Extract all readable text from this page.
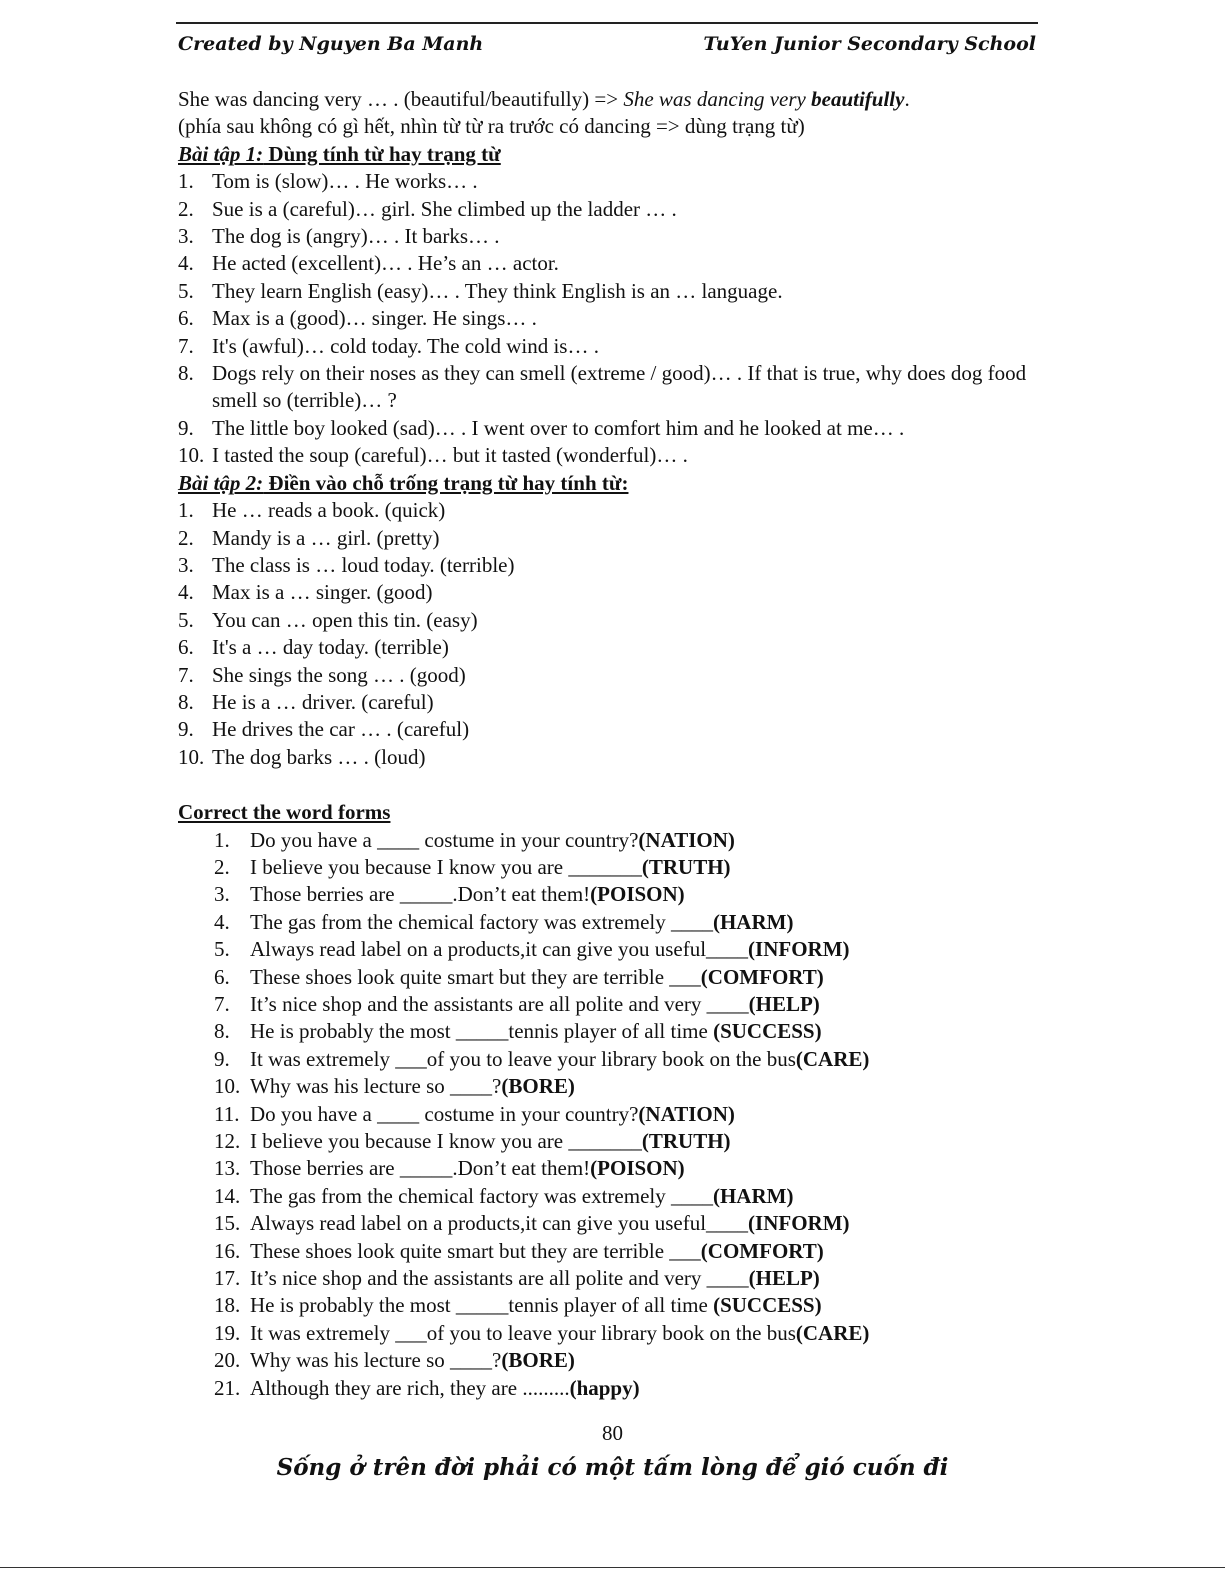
Created by Nguyen Ba Manh	TuYen Junior Secondary School
She was dancing very … . (beautiful/beautifully) => She was dancing very beautifully.
(phía sau không có gì hết, nhìn từ từ ra trước có dancing => dùng trạng từ)
Bài tập 1: Dùng tính từ hay trạng từ
1. Tom is (slow)… . He works… .
2. Sue is a (careful)… girl. She climbed up the ladder … .
3. The dog is (angry)… . It barks… .
4. He acted (excellent)… . He’s an … actor.
5. They learn English (easy)… . They think English is an … language.
6. Max is a (good)… singer. He sings… .
7. It's (awful)… cold today. The cold wind is… .
8. Dogs rely on their noses as they can smell (extreme / good)… . If that is true, why does dog food smell so (terrible)… ?
9. The little boy looked (sad)… . I went over to comfort him and he looked at me… .
10. I tasted the soup (careful)… but it tasted (wonderful)… .
Bài tập 2: Điền vào chỗ trống trạng từ hay tính từ:
1. He … reads a book. (quick)
2. Mandy is a … girl. (pretty)
3. The class is … loud today. (terrible)
4. Max is a … singer. (good)
5. You can … open this tin. (easy)
6. It's a … day today. (terrible)
7. She sings the song … . (good)
8. He is a … driver. (careful)
9. He drives the car … . (careful)
10. The dog barks … . (loud)
Correct the word forms
1. Do you have a ____ costume in your country?(NATION)
2. I believe you because I know you are _______(TRUTH)
3. Those berries are _____.Don’t eat them!(POISON)
4. The gas from the chemical factory was extremely ____(HARM)
5. Always read label on a products,it can give you useful____(INFORM)
6. These shoes look quite smart but they are terrible ___(COMFORT)
7. It’s nice shop and the assistants are all polite and very ____(HELP)
8. He is probably the most _____tennis player of all time (SUCCESS)
9. It was extremely ___of you to leave your library book on the bus(CARE)
10. Why was his lecture so ____?(BORE)
11. Do you have a ____ costume in your country?(NATION)
12. I believe you because I know you are _______(TRUTH)
13. Those berries are _____.Don’t eat them!(POISON)
14. The gas from the chemical factory was extremely ____(HARM)
15. Always read label on a products,it can give you useful____(INFORM)
16. These shoes look quite smart but they are terrible ___(COMFORT)
17. It’s nice shop and the assistants are all polite and very ____(HELP)
18. He is probably the most _____tennis player of all time (SUCCESS)
19. It was extremely ___of you to leave your library book on the bus(CARE)
20. Why was his lecture so ____?(BORE)
21. Although they are rich, they are .........(happy)
80
Sống ở trên đời phải có một tấm lòng để gió cuốn đi
